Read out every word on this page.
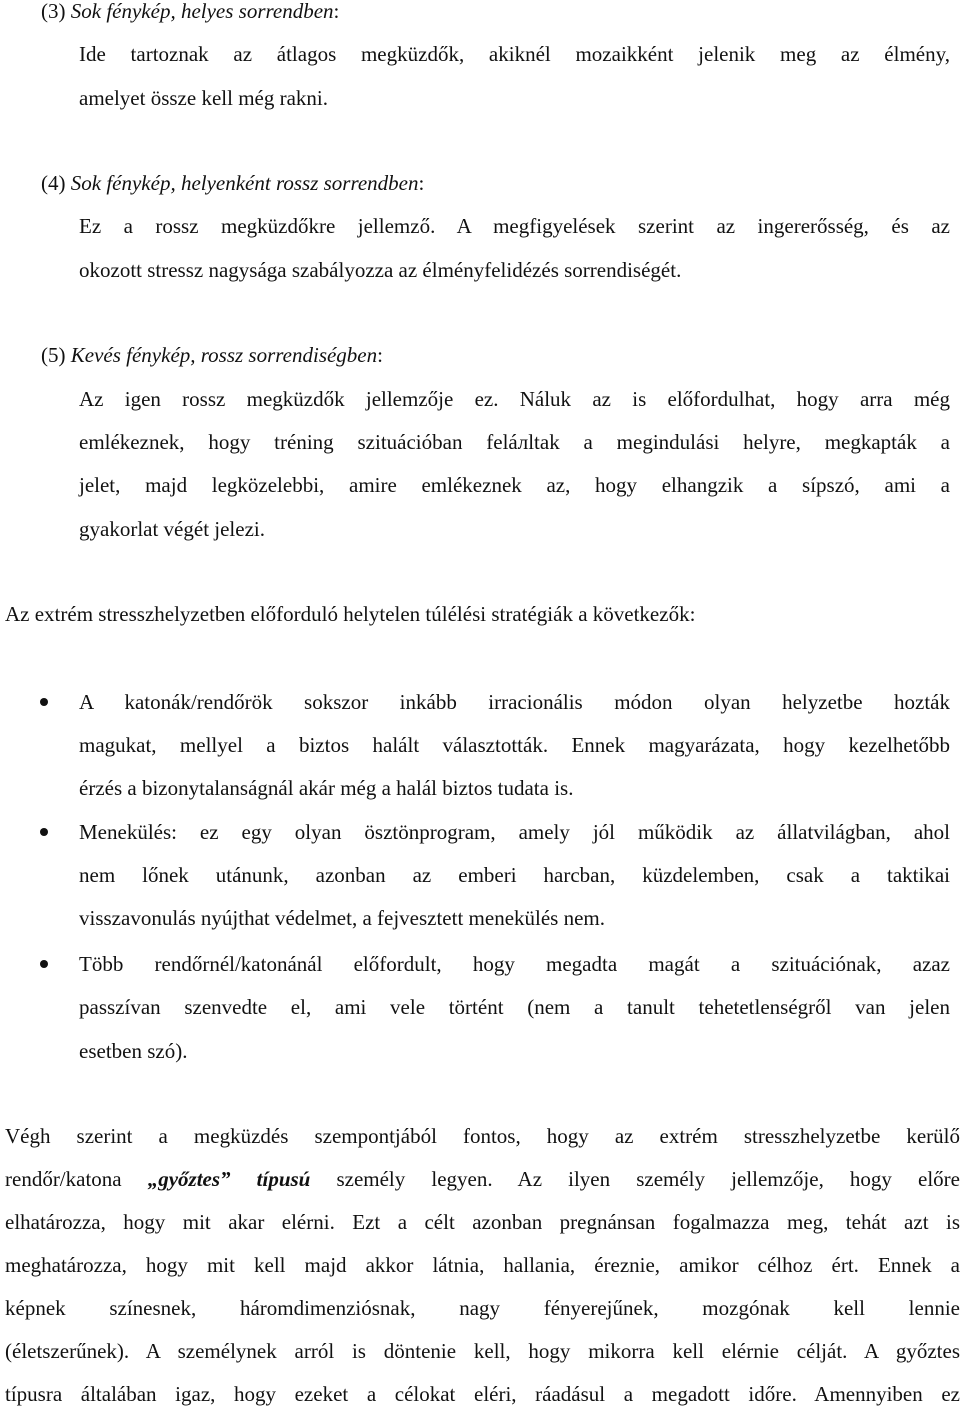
(3) Sok fénykép, helyes sorrendben:
Ide tartoznak az átlagos megküzdők, akiknél mozaikként jelenik meg az élmény,
amelyet össze kell még rakni.
(4) Sok fénykép, helyenként rossz sorrendben:
Ez a rossz megküzdőkre jellemző. A megfigyelések szerint az ingererősség, és az
okozott stressz nagysága szabályozza az élményfelidézés sorrendiségét.
(5) Kevés fénykép, rossz sorrendiségben:
Az igen rossz megküzdők jellemzője ez. Náluk az is előfordulhat, hogy arra még
emlékeznek, hogy tréning szituációban feláлltak a megindulási helyre, megkapták a
jelet, majd legközelebbi, amire emlékeznek az, hogy elhangzik a sípszó, ami a
gyakorlat végét jelezi.
Az extrém stresszhelyzetben előforduló helytelen túlélési stratégiák a következők:
A katonák/rendőrök sokszor inkább irracionális módon olyan helyzetbe hozták
magukat, mellyel a biztos halált választották. Ennek magyarázata, hogy kezelhetőbb
érzés a bizonytalanságnál akár még a halál biztos tudata is.
Menekülés: ez egy olyan ösztönprogram, amely jól működik az állatvilágban, ahol
nem lőnek utánunk, azonban az emberi harcban, küzdelemben, csak a taktikai
visszavonulás nyújthat védelmet, a fejvesztett menekülés nem.
Több rendőrnél/katonánál előfordult, hogy megadta magát a szituációnak, azaz
passzívan szenvedte el, ami vele történt (nem a tanult tehetetlenségről van jelen
esetben szó).
Végh szerint a megküzdés szempontjából fontos, hogy az extrém stresszhelyzetbe kerülő
rendőr/katona „győztes” típusú személy legyen. Az ilyen személy jellemzője, hogy előre
elhatározza, hogy mit akar elérni. Ezt a célt azonban pregnánsan fogalmazza meg, tehát azt is
meghatározza, hogy mit kell majd akkor látnia, hallania, éreznie, amikor célhoz ért. Ennek a
képnek színesnek, háromdimenziósnak, nagy fényerejűnek, mozgónak kell lennie
(életszerűnek). A személynek arról is döntenie kell, hogy mikorra kell elérnie célját. A győztes
típusra általában igaz, hogy ezeket a célokat eléri, ráadásul a megadott időre. Amennyiben ez
